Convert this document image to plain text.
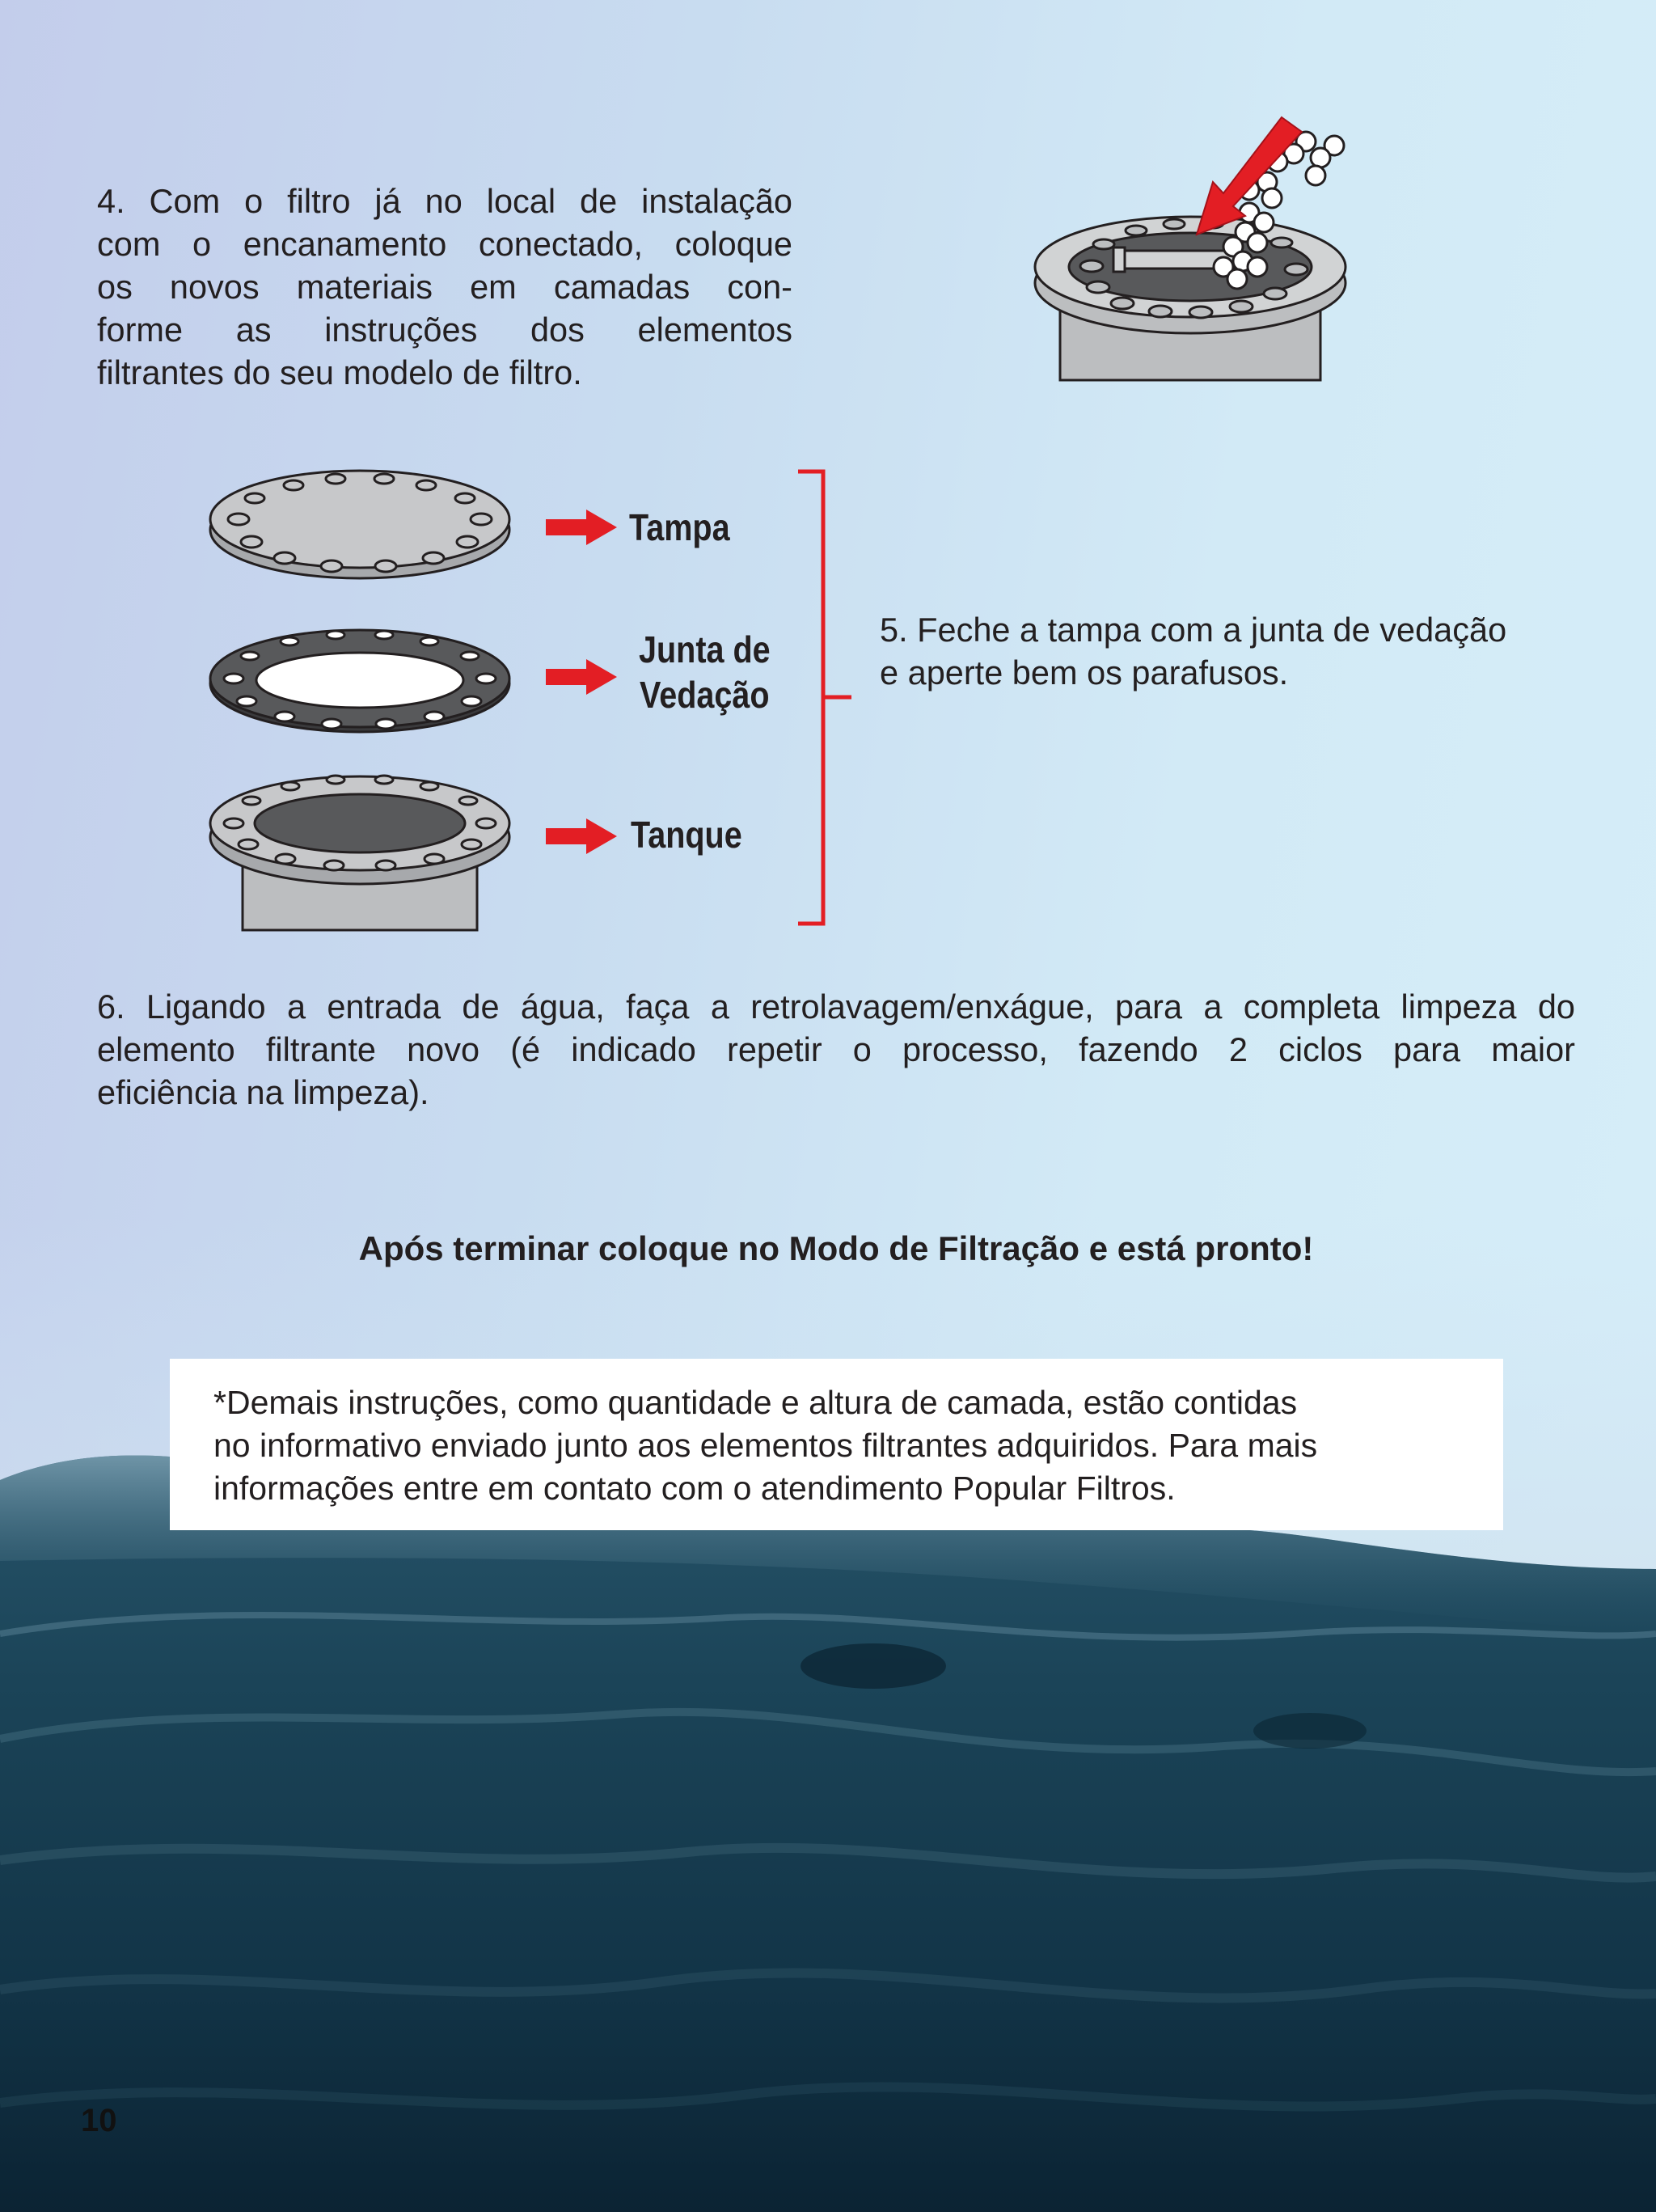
4. Com o filtro já no local de instalação
com o encanamento conectado, coloque
os novos materiais em camadas con-
forme as instruções dos elementos
filtrantes do seu modelo de filtro.
Tampa
Junta de
Vedação
Tanque
5. Feche a tampa com a junta de vedação
e aperte bem os parafusos.
6. Ligando a entrada de água, faça a retrolavagem/enxágue, para a completa limpeza do
elemento filtrante novo (é indicado repetir o processo, fazendo 2 ciclos para maior
eficiência na limpeza).
Após terminar coloque no Modo de Filtração e está pronto!
*Demais instruções, como quantidade e altura de camada, estão contidas
no informativo enviado junto aos elementos filtrantes adquiridos. Para mais
informações entre em contato com o atendimento Popular Filtros.
10
